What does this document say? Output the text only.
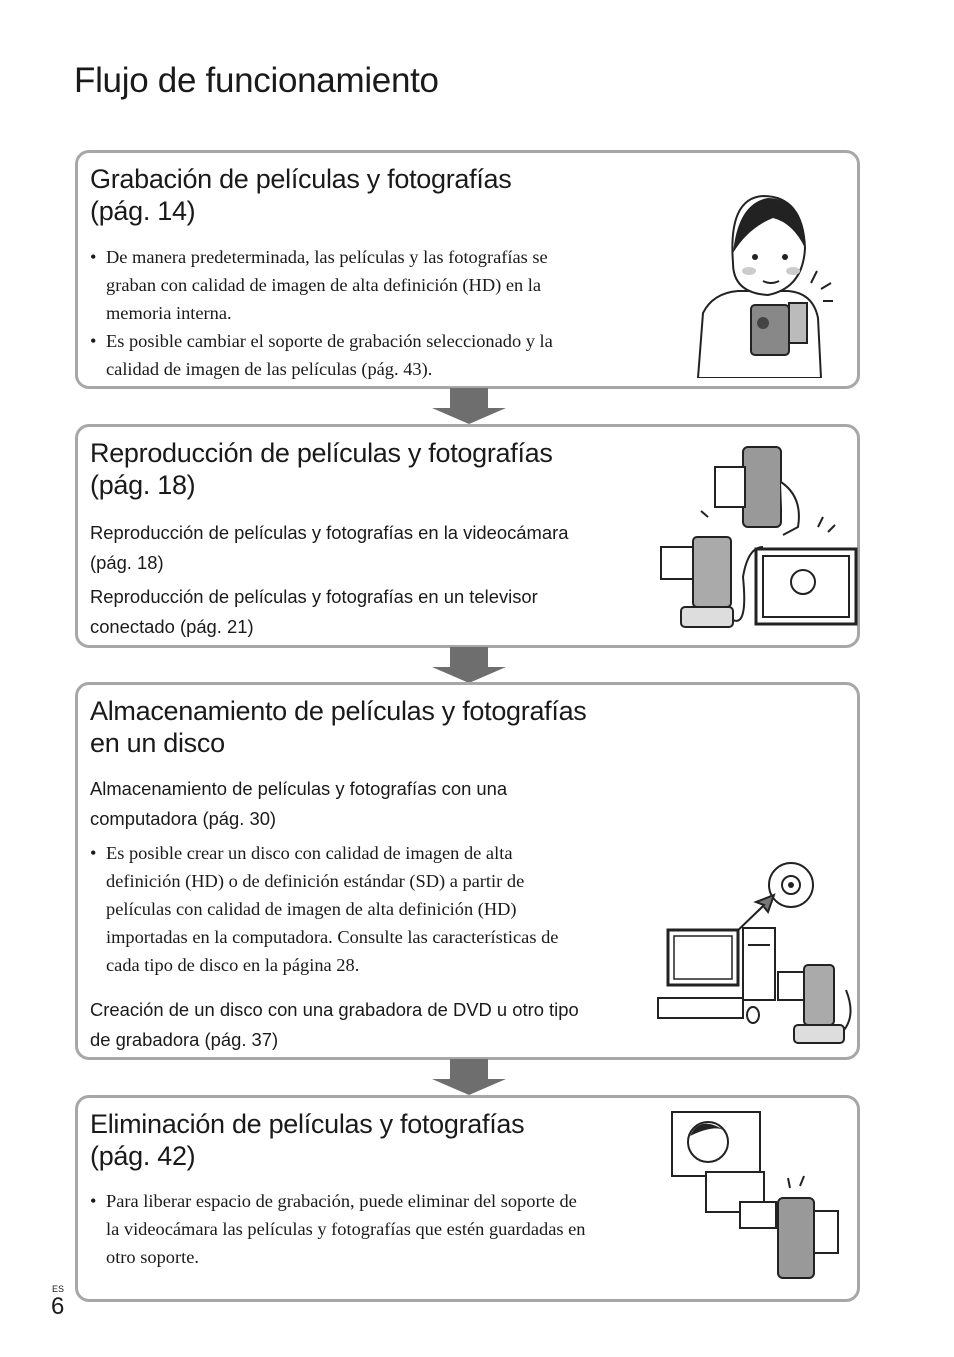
Flujo de funcionamiento
Grabación de películas y fotografías
(pág. 14)
• De manera predeterminada, las películas y las fotografías se
graban con calidad de imagen de alta definición (HD) en la
memoria interna.
• Es posible cambiar el soporte de grabación seleccionado y la
calidad de imagen de las películas (pág. 43).
Reproducción de películas y fotografías
(pág. 18)

Reproducción de películas y fotografías en la videocámara
(pág. 18)

Reproducción de películas y fotografías en un televisor
conectado (pág. 21)

Almacenamiento de películas y fotografías
en un disco

Almacenamiento de películas y fotografías con una
computadora (pág. 30)

• Es posible crear un disco con calidad de imagen de alta
definición (HD) o de definición estándar (SD) a partir de
películas con calidad de imagen de alta definición (HD)
importadas en la computadora. Consulte las características de
cada tipo de disco en la página 28.

Creación de un disco con una grabadora de DVD u otro tipo
de grabadora (pág. 37)

Eliminación de películas y fotografías
(pág. 42)
• Para liberar espacio de grabación, puede eliminar del soporte de
la videocámara las películas y fotografías que estén guardadas en
otro soporte.
ES
6
